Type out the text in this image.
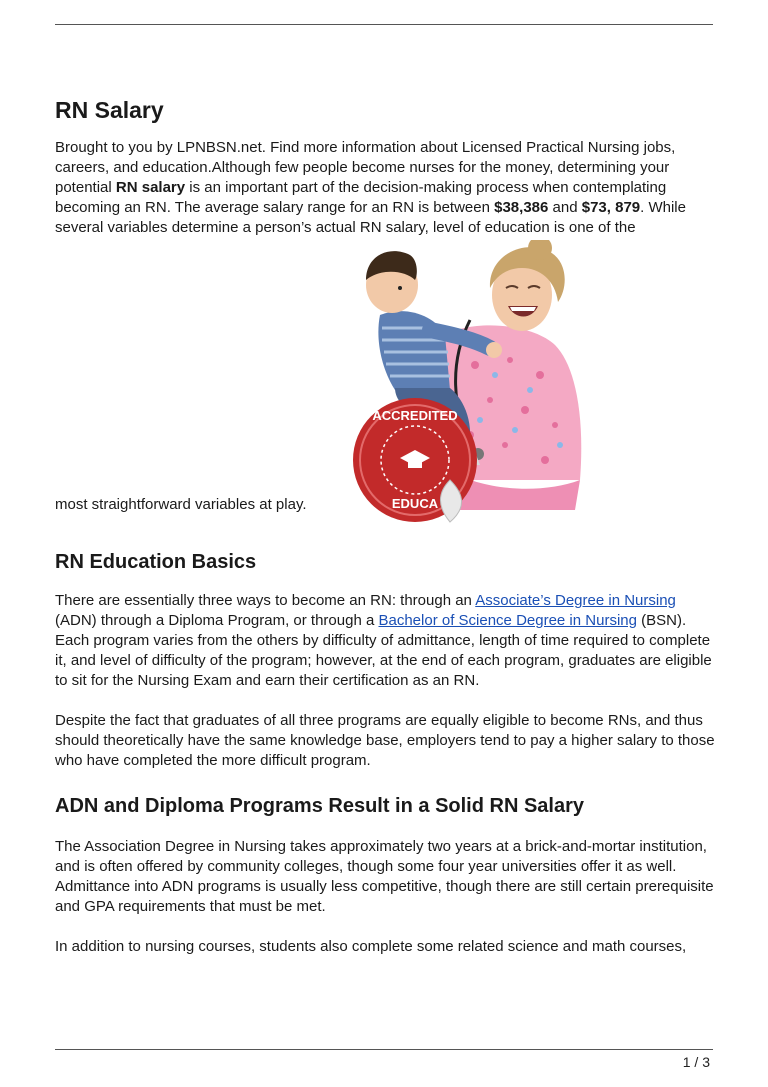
RN Salary

Brought to you by LPNBSN.net. Find more information about Licensed Practical Nursing jobs, careers, and education.Although few people become nurses for the money, determining your potential RN salary is an important part of the decision-making process when contemplating becoming an RN. The average salary range for an RN is between $38,386 and $73, 879. While several variables determine a person’s actual RN salary, level of education is one of the

ACCREDITED
EDUCA

most straightforward variables at play.

RN Education Basics

There are essentially three ways to become an RN: through an Associate’s Degree in Nursing (ADN) through a Diploma Program, or through a Bachelor of Science Degree in Nursing (BSN). Each program varies from the others by difficulty of admittance, length of time required to complete it, and level of difficulty of the program; however, at the end of each program, graduates are eligible to sit for the Nursing Exam and earn their certification as an RN.

Despite the fact that graduates of all three programs are equally eligible to become RNs, and thus should theoretically have the same knowledge base, employers tend to pay a higher salary to those who have completed the more difficult program.

ADN and Diploma Programs Result in a Solid RN Salary

The Association Degree in Nursing takes approximately two years at a brick-and-mortar institution, and is often offered by community colleges, though some four year universities offer it as well. Admittance into ADN programs is usually less competitive, though there are still certain prerequisite and GPA requirements that must be met.

In addition to nursing courses, students also complete some related science and math courses,

1 / 3
